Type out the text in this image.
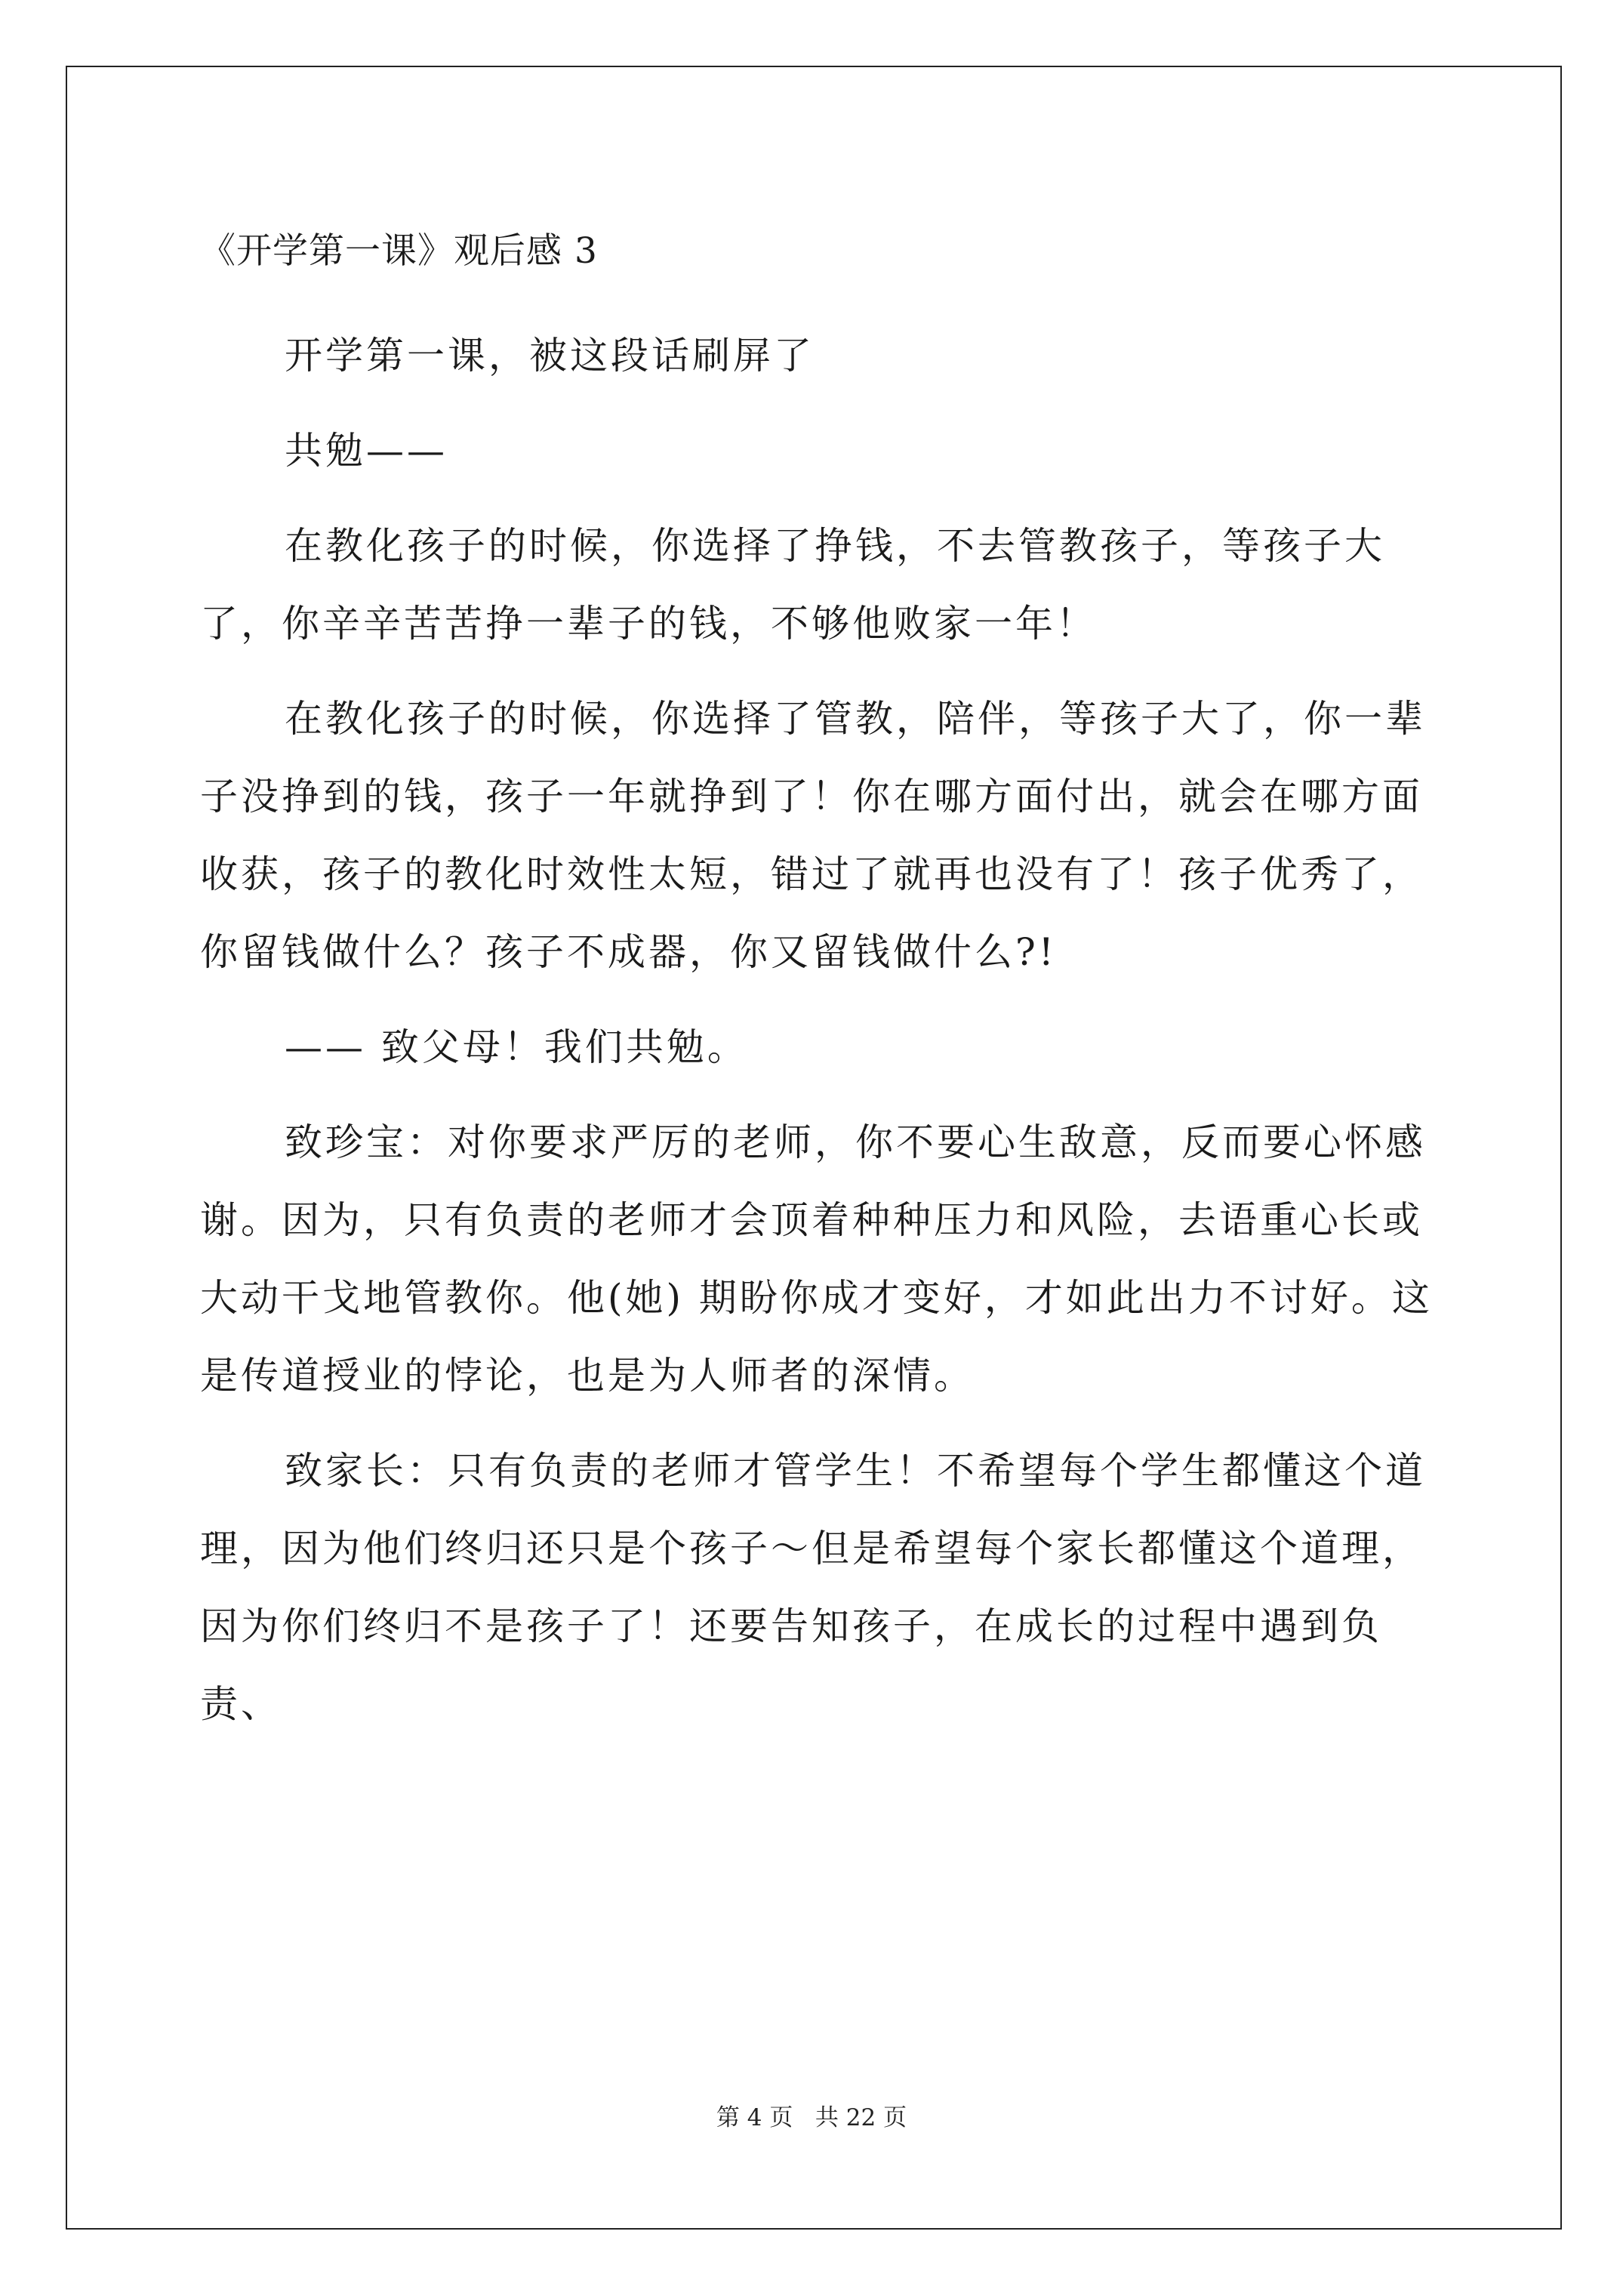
《开学第一课》观后感 3

开学第一课，被这段话刷屏了

共勉——

在教化孩子的时候，你选择了挣钱，不去管教孩子，等孩子大了，你辛辛苦苦挣一辈子的钱，不够他败家一年！

在教化孩子的时候，你选择了管教，陪伴，等孩子大了，你一辈子没挣到的钱，孩子一年就挣到了！你在哪方面付出，就会在哪方面收获，孩子的教化时效性太短，错过了就再也没有了！孩子优秀了，你留钱做什么？孩子不成器，你又留钱做什么?!

—— 致父母！我们共勉。

致珍宝：对你要求严厉的老师，你不要心生敌意，反而要心怀感谢。因为，只有负责的老师才会顶着种种压力和风险，去语重心长或大动干戈地管教你。他(她) 期盼你成才变好，才如此出力不讨好。这是传道授业的悖论，也是为人师者的深情。

致家长：只有负责的老师才管学生！不希望每个学生都懂这个道理，因为他们终归还只是个孩子～但是希望每个家长都懂这个道理，因为你们终归不是孩子了！还要告知孩子，在成长的过程中遇到负责、

第 4 页   共 22 页
